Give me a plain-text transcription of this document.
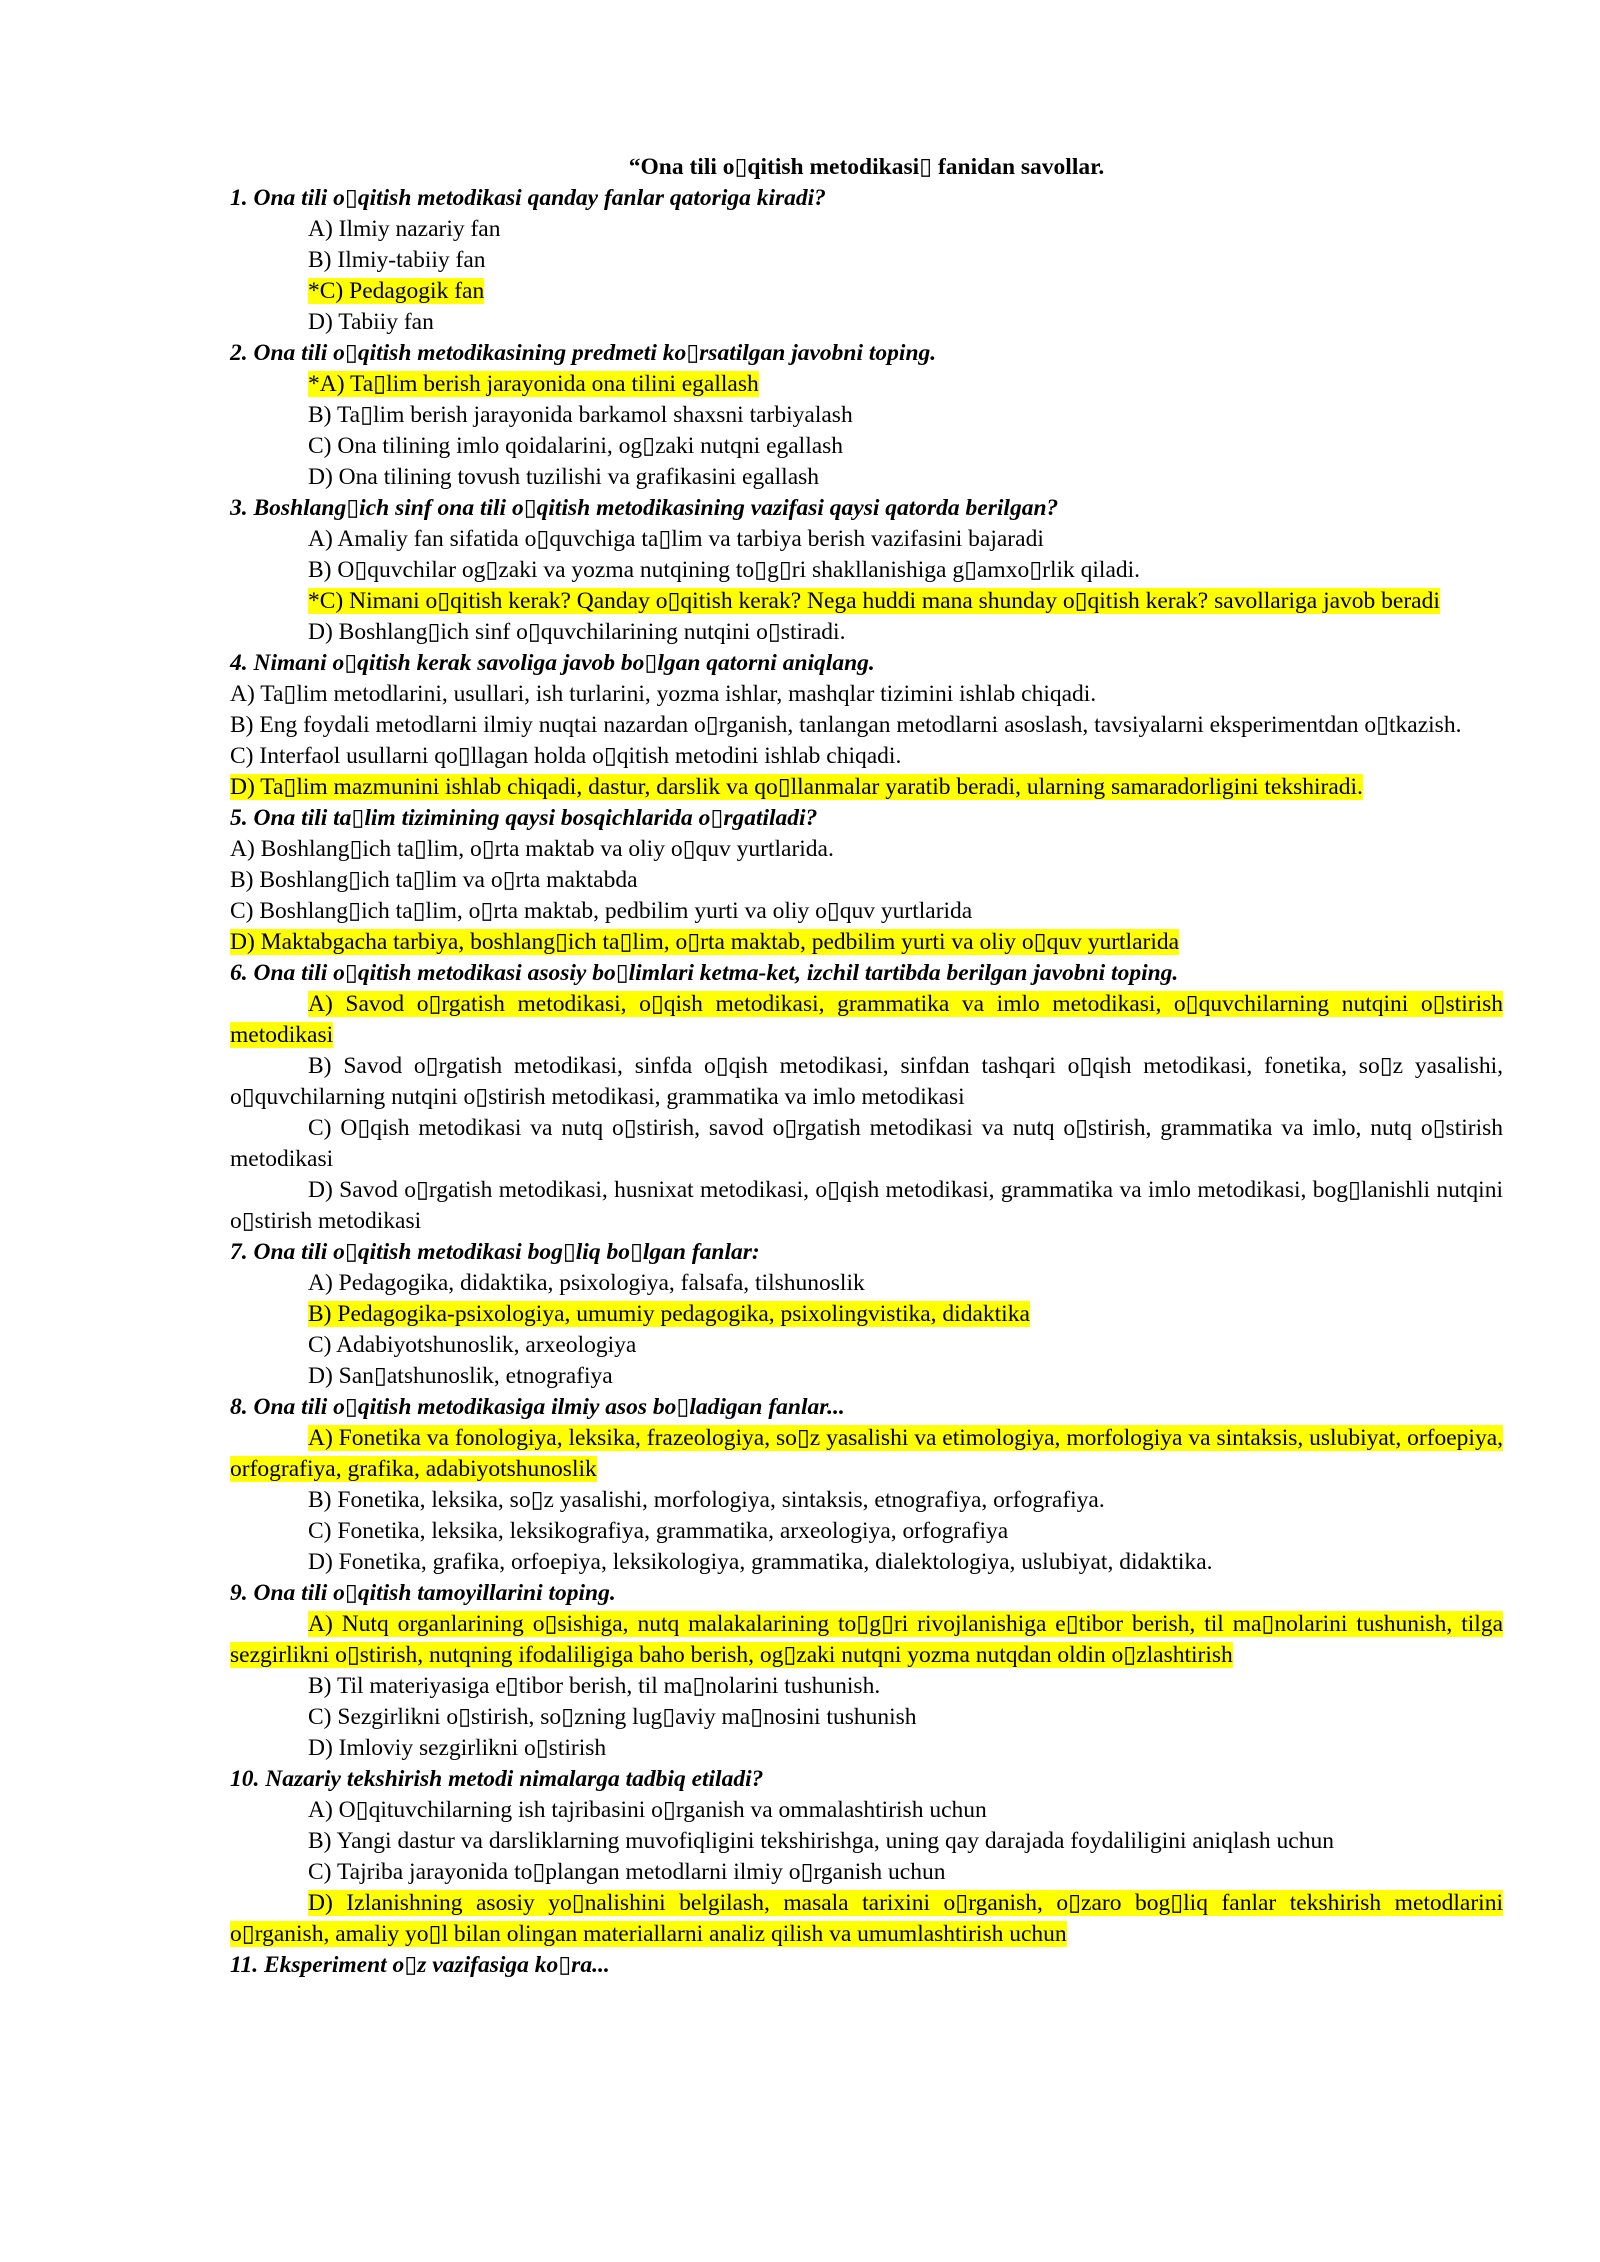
“Ona tili o▯qitish metodikasi▯ fanidan savollar.

1. Ona tili o▯qitish metodikasi qanday fanlar qatoriga kiradi?

A) Ilmiy nazariy fan

B) Ilmiy-tabiiy fan

*C) Pedagogik fan

D) Tabiiy fan

2. Ona tili o▯qitish metodikasining predmeti ko▯rsatilgan javobni toping.

*A) Ta▯lim berish jarayonida ona tilini egallash

B) Ta▯lim berish jarayonida barkamol shaxsni tarbiyalash

C) Ona tilining imlo qoidalarini, og▯zaki nutqni egallash

D) Ona tilining tovush tuzilishi va grafikasini egallash

3. Boshlang▯ich sinf ona tili o▯qitish metodikasining vazifasi qaysi qatorda berilgan?

A) Amaliy fan sifatida o▯quvchiga ta▯lim va tarbiya berish vazifasini bajaradi

B) O▯quvchilar og▯zaki va yozma nutqining to▯g▯ri shakllanishiga g▯amxo▯rlik qiladi.

*C) Nimani o▯qitish kerak? Qanday o▯qitish kerak? Nega huddi mana shunday o▯qitish kerak? savollariga javob beradi

D) Boshlang▯ich sinf o▯quvchilarining nutqini o▯stiradi.

4. Nimani o▯qitish kerak savoliga javob bo▯lgan qatorni aniqlang.

A) Ta▯lim metodlarini, usullari, ish turlarini, yozma ishlar, mashqlar tizimini ishlab chiqadi.

B) Eng foydali metodlarni ilmiy nuqtai nazardan o▯rganish, tanlangan metodlarni asoslash, tavsiyalarni eksperimentdan o▯tkazish.

C) Interfaol usullarni qo▯llagan holda o▯qitish metodini ishlab chiqadi.

D) Ta▯lim mazmunini ishlab chiqadi, dastur, darslik va qo▯llanmalar yaratib beradi, ularning samaradorligini tekshiradi.

5. Ona tili ta▯lim tizimining qaysi bosqichlarida o▯rgatiladi?

A) Boshlang▯ich ta▯lim, o▯rta maktab va oliy o▯quv yurtlarida.

B) Boshlang▯ich ta▯lim va o▯rta maktabda

C) Boshlang▯ich ta▯lim, o▯rta maktab, pedbilim yurti va oliy o▯quv yurtlarida

D) Maktabgacha tarbiya, boshlang▯ich ta▯lim, o▯rta maktab, pedbilim yurti va oliy o▯quv yurtlarida

6. Ona tili o▯qitish metodikasi asosiy bo▯limlari ketma-ket, izchil tartibda berilgan javobni toping.

A) Savod o▯rgatish metodikasi, o▯qish metodikasi, grammatika va imlo metodikasi, o▯quvchilarning nutqini o▯stirish metodikasi

B) Savod o▯rgatish metodikasi, sinfda o▯qish metodikasi, sinfdan tashqari o▯qish metodikasi, fonetika, so▯z yasalishi, o▯quvchilarning nutqini o▯stirish metodikasi, grammatika va imlo metodikasi

C) O▯qish metodikasi va nutq o▯stirish, savod o▯rgatish metodikasi va nutq o▯stirish, grammatika va imlo, nutq o▯stirish metodikasi

D) Savod o▯rgatish metodikasi, husnixat metodikasi, o▯qish metodikasi, grammatika va imlo metodikasi, bog▯lanishli nutqini o▯stirish metodikasi

7. Ona tili o▯qitish metodikasi bog▯liq bo▯lgan fanlar:

A) Pedagogika, didaktika, psixologiya, falsafa, tilshunoslik

B) Pedagogika-psixologiya, umumiy pedagogika, psixolingvistika, didaktika

C) Adabiyotshunoslik, arxeologiya

D) San▯atshunoslik, etnografiya

8. Ona tili o▯qitish metodikasiga ilmiy asos bo▯ladigan fanlar...

A) Fonetika va fonologiya, leksika, frazeologiya, so▯z yasalishi va etimologiya, morfologiya va sintaksis, uslubiyat, orfoepiya, orfografiya, grafika, adabiyotshunoslik

B) Fonetika, leksika, so▯z yasalishi, morfologiya, sintaksis, etnografiya, orfografiya.

C) Fonetika, leksika, leksikografiya, grammatika, arxeologiya, orfografiya

D) Fonetika, grafika, orfoepiya, leksikologiya, grammatika, dialektologiya, uslubiyat, didaktika.

9. Ona tili o▯qitish tamoyillarini toping.

A) Nutq organlarining o▯sishiga, nutq malakalarining to▯g▯ri rivojlanishiga e▯tibor berish, til ma▯nolarini tushunish, tilga sezgirlikni o▯stirish, nutqning ifodaliligiga baho berish, og▯zaki nutqni yozma nutqdan oldin o▯zlashtirish

B) Til materiyasiga e▯tibor berish, til ma▯nolarini tushunish.

C) Sezgirlikni o▯stirish, so▯zning lug▯aviy ma▯nosini tushunish

D) Imloviy sezgirlikni o▯stirish

10. Nazariy tekshirish metodi nimalarga tadbiq etiladi?

A) O▯qituvchilarning ish tajribasini o▯rganish va ommalashtirish uchun

B) Yangi dastur va darsliklarning muvofiqligini tekshirishga, uning qay darajada foydaliligini aniqlash uchun

C) Tajriba jarayonida to▯plangan metodlarni ilmiy o▯rganish uchun

D) Izlanishning asosiy yo▯nalishini belgilash, masala tarixini o▯rganish, o▯zaro bog▯liq fanlar tekshirish metodlarini o▯rganish, amaliy yo▯l bilan olingan materiallarni analiz qilish va umumlashtirish uchun

11. Eksperiment o▯z vazifasiga ko▯ra...
